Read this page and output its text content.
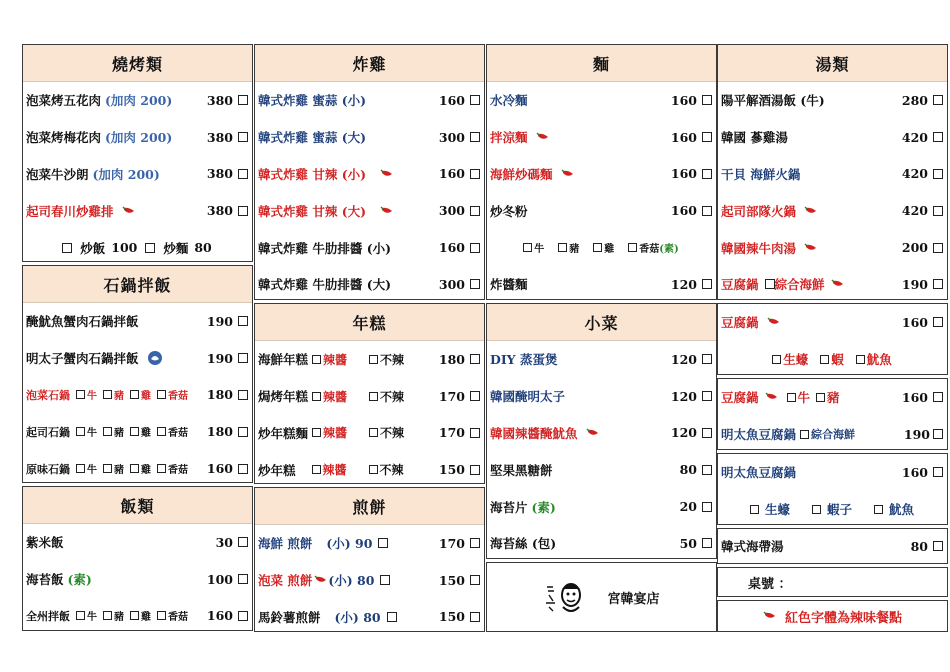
燒烤類
泡菜烤五花肉 (加肉 200)	380
泡菜烤梅花肉 (加肉 200)	380
泡菜牛沙朗 (加肉 200)	380
起司春川炒雞排	380
炒飯 100 炒麵 80
石鍋拌飯
醃魷魚蟹肉石鍋拌飯	190
明太子蟹肉石鍋拌飯	190
泡菜石鍋 牛 豬 雞 香菇	180
起司石鍋 牛 豬 雞 香菇	180
原味石鍋 牛 豬 雞 香菇	160
飯類
紫米飯	30
海苔飯 (素)	100
全州拌飯 牛 豬 雞 香菇	160
炸雞
韓式炸雞 蜜蒜 (小)	160
韓式炸雞 蜜蒜 (大)	300
韓式炸雞 甘辣 (小)	160
韓式炸雞 甘辣 (大)	300
韓式炸雞 牛肋排醬 (小)	160
韓式炸雞 牛肋排醬 (大)	300
年糕
海鮮年糕 辣醬	不辣	180
焗烤年糕 辣醬	不辣	170
炒年糕麵 辣醬	不辣	170
炒年糕 辣醬	不辣	150
煎餅
海鮮 煎餅 (小) 90	170
泡菜 煎餅 (小) 80	150
馬鈴薯煎餅 (小) 80	150
麵
水冷麵	160
拌涼麵	160
海鮮炒碼麵	160
炒冬粉	160
牛	豬	雞	香菇 (素)
炸醬麵	120
小菜
DIY 蒸蛋煲	120
韓國醃明太子	120
韓國辣醬醃魷魚	120
堅果黑糖餅	80
海苔片 (素)	20
海苔絲 (包)	50
宮韓宴店
湯類
陽平解酒湯飯 (牛)	280
韓國 蔘雞湯	420
干貝 海鮮火鍋	420
起司部隊火鍋	420
韓國辣牛肉湯	200
豆腐鍋 綜合海鮮	190
豆腐鍋	160
生蠔 蝦 魷魚
豆腐鍋	牛 豬	160
明太魚豆腐鍋 綜合海鮮	190
明太魚豆腐鍋	160
生蠔	蝦子	魷魚
韓式海帶湯	80
桌號 ：
紅色字體為辣味餐點
